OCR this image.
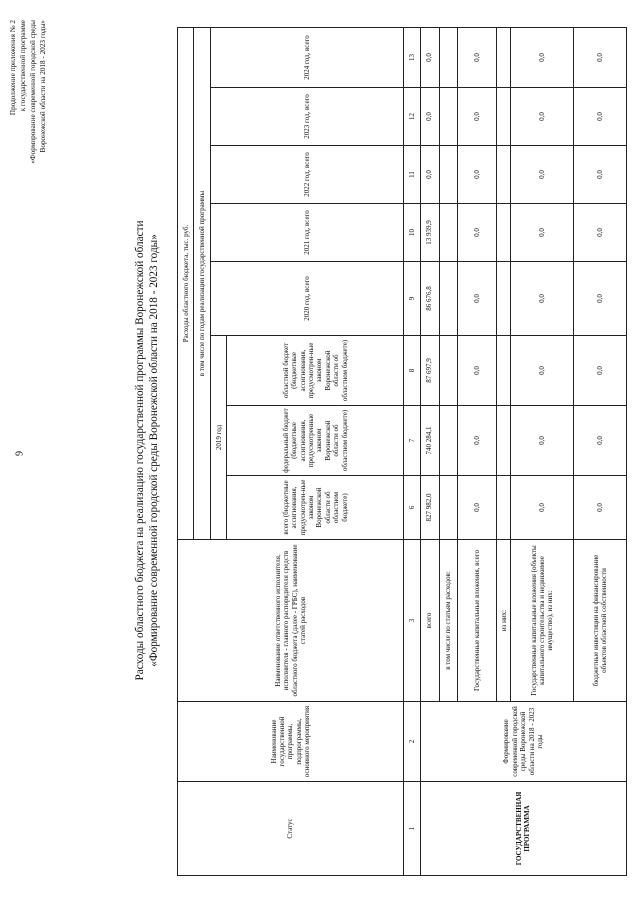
9
Продолжение приложения № 2 к государственной программе «Формирование современной городской среды Воронежской области на 2018 - 2023 годы»
Расходы областного бюджета на реализацию государственной программы Воронежской области «Формирование современной городской среды Воронежской области на 2018 - 2023 годы»
Статус	Наименование государственной программы, подпрограммы, основного мероприятия	Наименование ответственного исполнителя, исполнителя - главного распорядителя средств областного бюджета (далее - ГРБС), наименование статей расходов	Расходы областного бюджета, тыс. руб.							
			в том числе по годам реализации государственной программы							
			2019 год			2020 год, всего	2021 год, всего	2022 год, всего	2023 год, всего	2024 год, всего
			всего (бюджетные ассигнования, предусмотрен-ные законом Воронежской области об областном бюджете)	федеральный бюджет (бюджетные ассигнования, предусмотренные законом Воронежской области об областном бюджете)	областной бюджет (бюджетные ассигнования, предусмотрен-ные законом Воронежской области об областном бюджете)					
1	2	3	6	7	8	9	10	11	12	13
ГОСУДАРСТВЕННАЯ ПРОГРАММА	Формирование современной городской среды Воронежской области на 2018 - 2023 годы	всего	827 982,0	740 284,1	87 697,9	86 676,8	13 939,9	0,0	0,0	0,0
		в том числе по статьям расходов:								
		Государственные капитальные вложения, всего	0,0	0,0	0,0	0,0	0,0	0,0	0,0	0,0
		из них:								
		Государственные капитальные вложения (объекты капитального строительства и недвижимое имущество), из них:	0,0	0,0	0,0	0,0	0,0	0,0	0,0	0,0
		бюджетные инвестиции на финансирование объектов областной собственности	0,0	0,0	0,0	0,0	0,0	0,0	0,0	0,0
